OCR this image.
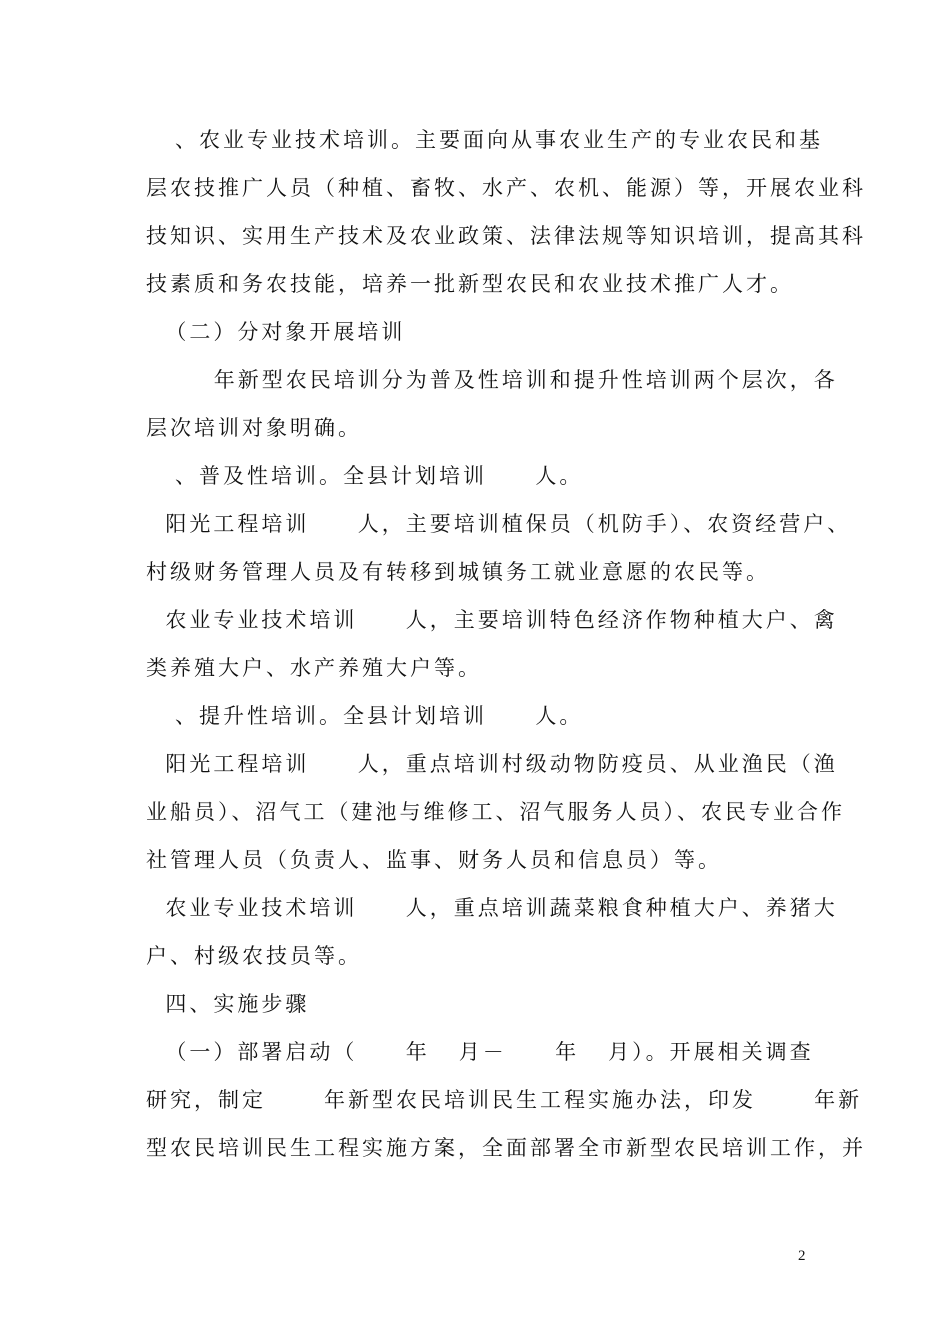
、农业专业技术培训。主要面向从事农业生产的专业农民和基
层农技推广人员（种植、畜牧、水产、农机、能源）等，开展农业科
技知识、实用生产技术及农业政策、法律法规等知识培训，提高其科
技素质和务农技能，培养一批新型农民和农业技术推广人才。
（二）分对象开展培训
年新型农民培训分为普及性培训和提升性培训两个层次，各
层次培训对象明确。
、普及性培训。全县计划培训     人。
阳光工程培训     人，主要培训植保员（机防手）、农资经营户、
村级财务管理人员及有转移到城镇务工就业意愿的农民等。
农业专业技术培训     人，主要培训特色经济作物种植大户、禽
类养殖大户、水产养殖大户等。
、提升性培训。全县计划培训     人。
阳光工程培训     人，重点培训村级动物防疫员、从业渔民（渔
业船员）、沼气工（建池与维修工、沼气服务人员）、农民专业合作
社管理人员（负责人、监事、财务人员和信息员）等。
农业专业技术培训     人，重点培训蔬菜粮食种植大户、养猪大
户、村级农技员等。
四、实施步骤
（一）部署启动（     年   月－     年   月）。开展相关调查
研究，制定      年新型农民培训民生工程实施办法，印发      年新
型农民培训民生工程实施方案，全面部署全市新型农民培训工作，并
2
